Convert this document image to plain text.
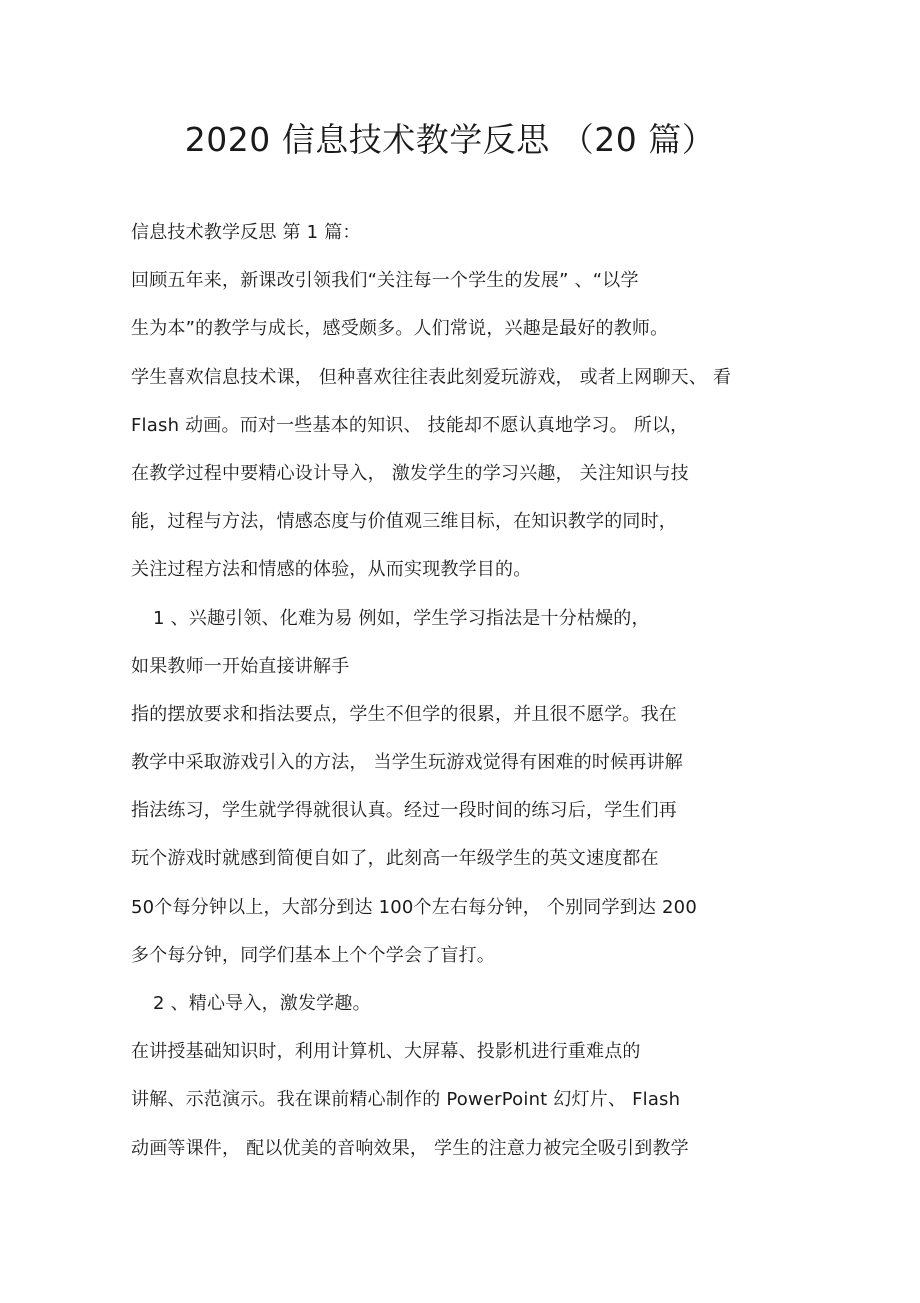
2020 信息技术教学反思 （20 篇）
信息技术教学反思 第 1 篇：
回顾五年来，新课改引领我们“关注每一个学生的发展” 、“以学
生为本”的教学与成长，感受颇多。人们常说，兴趣是最好的教师。
学生喜欢信息技术课， 但种喜欢往往表此刻爱玩游戏， 或者上网聊天、 看
Flash 动画。而对一些基本的知识、 技能却不愿认真地学习。 所以，
在教学过程中要精心设计导入， 激发学生的学习兴趣， 关注知识与技
能，过程与方法，情感态度与价值观三维目标，在知识教学的同时，
关注过程方法和情感的体验，从而实现教学目的。
1 、兴趣引领、化难为易 例如，学生学习指法是十分枯燥的，
如果教师一开始直接讲解手
指的摆放要求和指法要点，学生不但学的很累，并且很不愿学。我在
教学中采取游戏引入的方法， 当学生玩游戏觉得有困难的时候再讲解
指法练习，学生就学得就很认真。经过一段时间的练习后，学生们再
玩个游戏时就感到简便自如了，此刻高一年级学生的英文速度都在
50个每分钟以上，大部分到达 100个左右每分钟， 个别同学到达 200
多个每分钟，同学们基本上个个学会了盲打。
2 、精心导入，激发学趣。
在讲授基础知识时，利用计算机、大屏幕、投影机进行重难点的
讲解、示范演示。我在课前精心制作的 PowerPoint 幻灯片、 Flash
动画等课件， 配以优美的音响效果， 学生的注意力被完全吸引到教学
